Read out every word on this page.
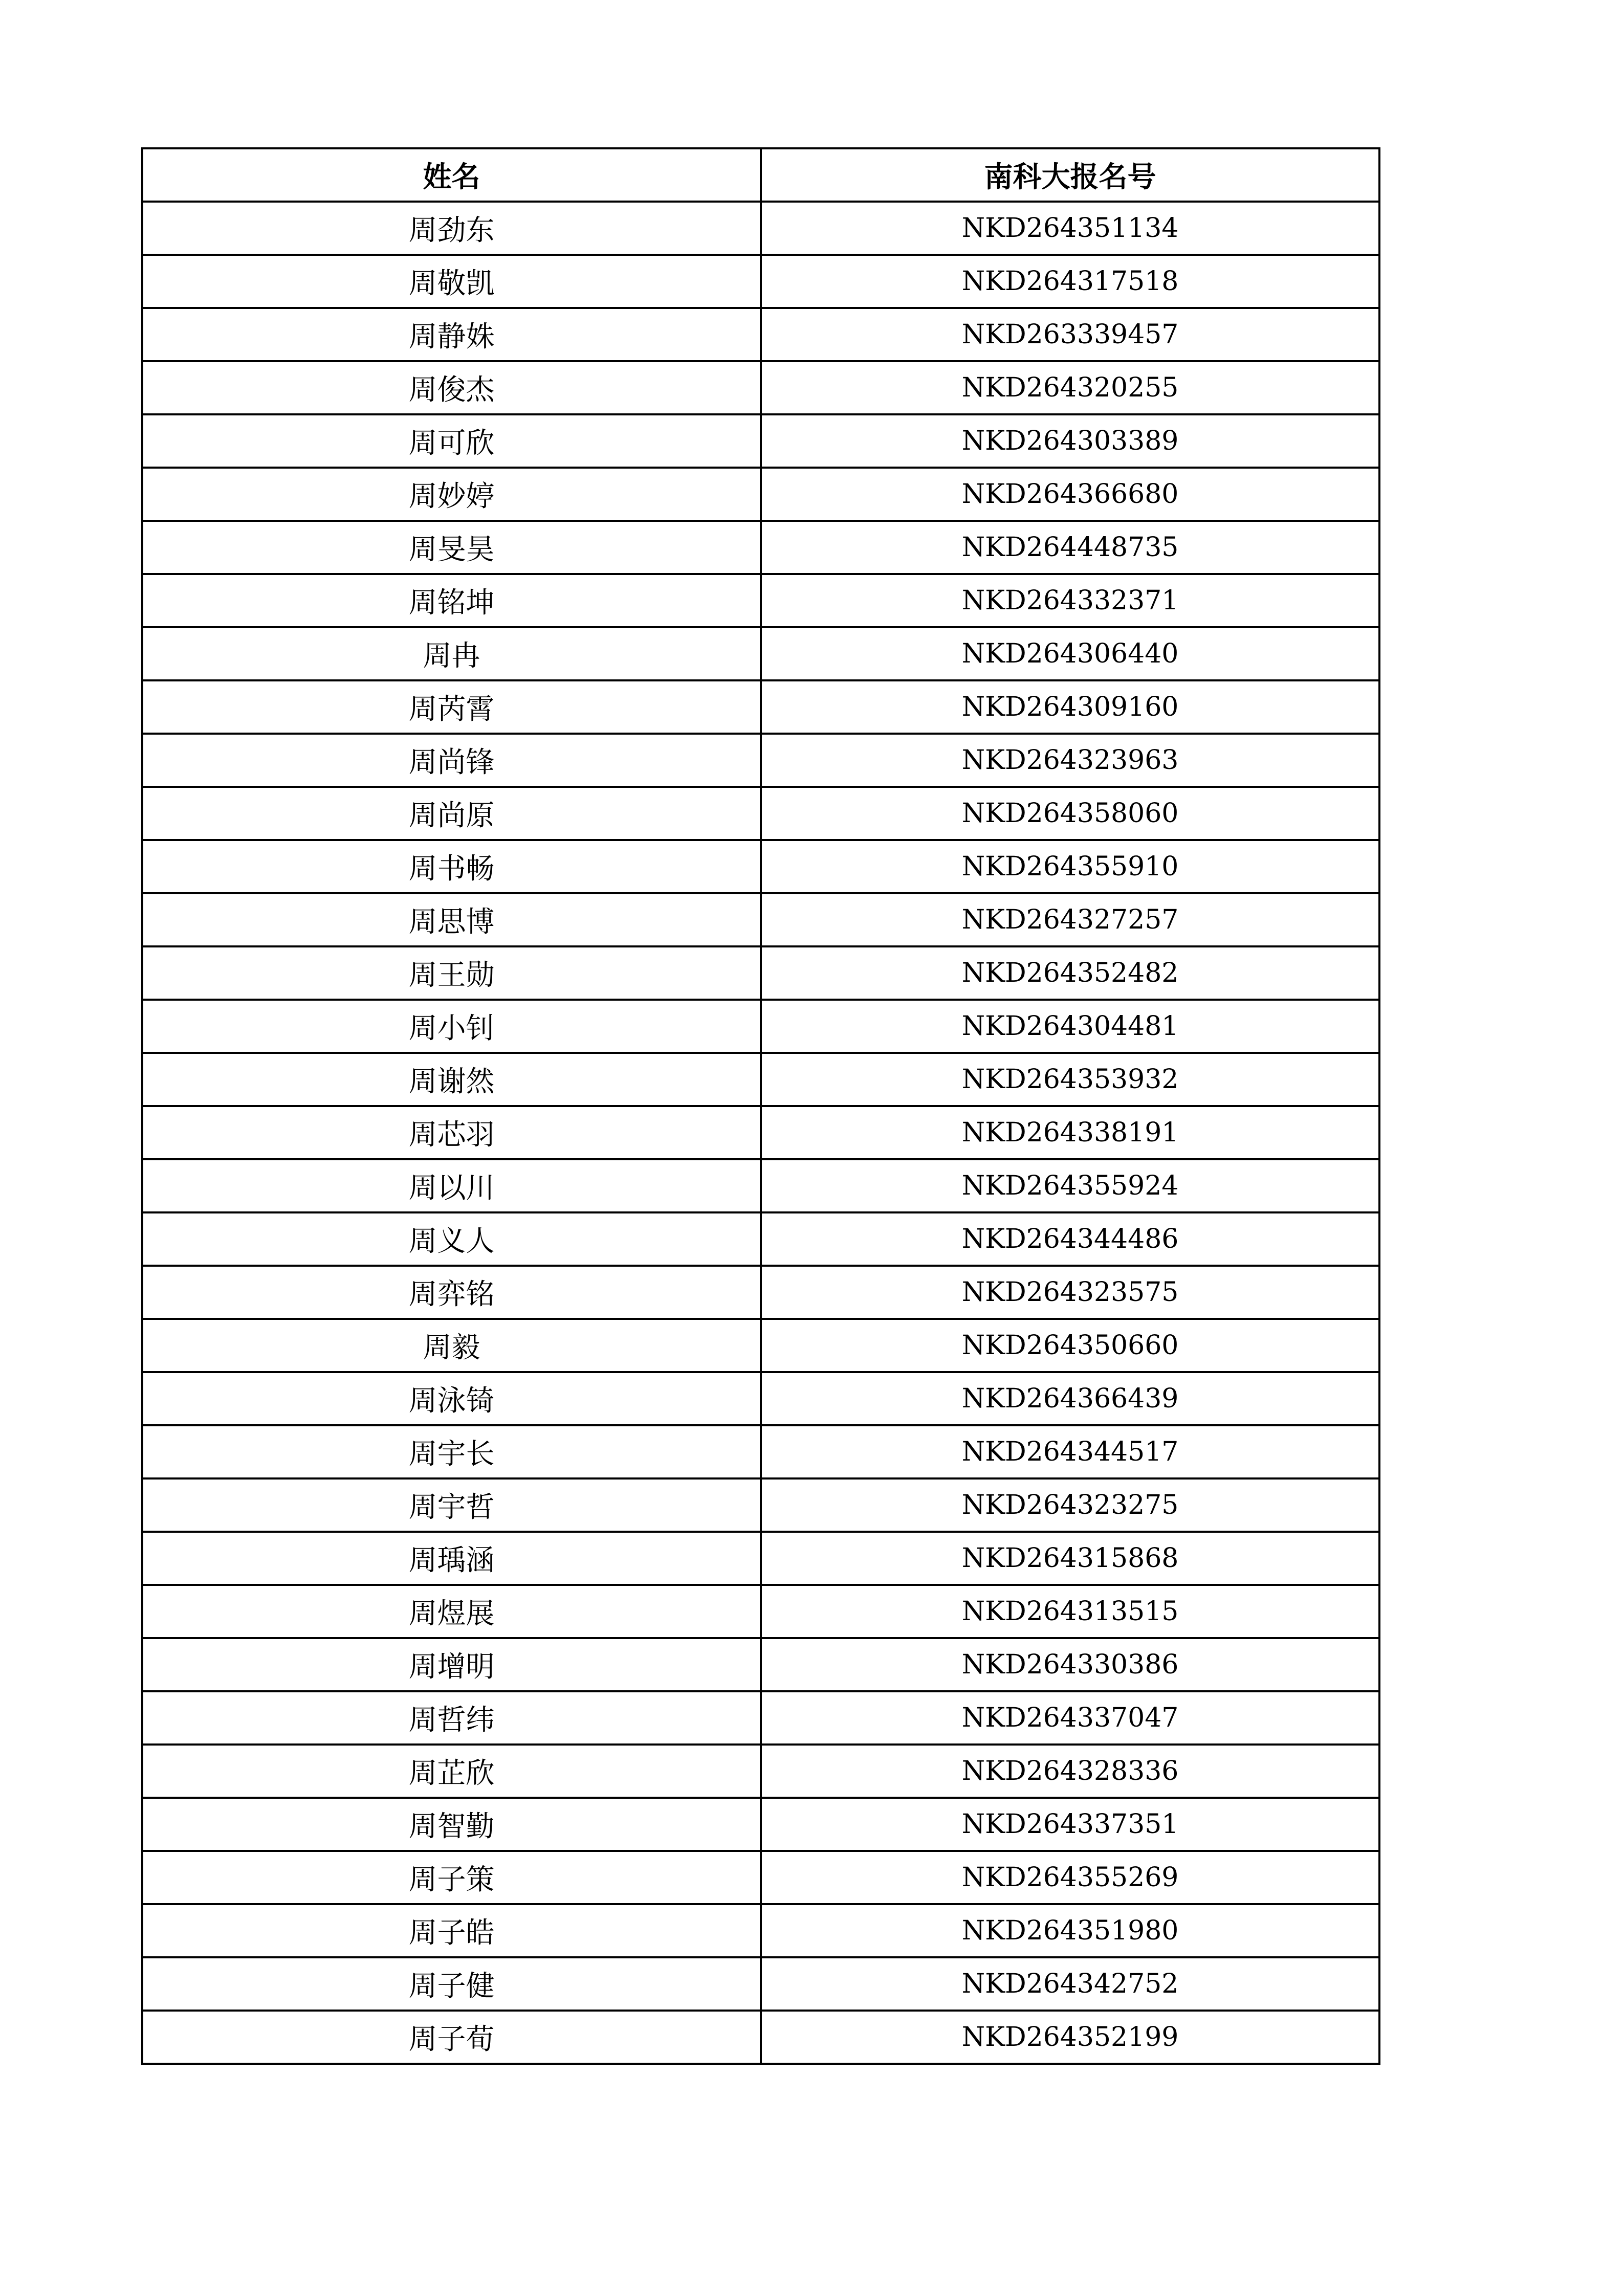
姓名	南科大报名号
周劲东	NKD264351134
周敬凯	NKD264317518
周静姝	NKD263339457
周俊杰	NKD264320255
周可欣	NKD264303389
周妙婷	NKD264366680
周旻昊	NKD264448735
周铭坤	NKD264332371
周冉	NKD264306440
周芮霄	NKD264309160
周尚锋	NKD264323963
周尚原	NKD264358060
周书畅	NKD264355910
周思博	NKD264327257
周王勋	NKD264352482
周小钊	NKD264304481
周谢然	NKD264353932
周芯羽	NKD264338191
周以川	NKD264355924
周义人	NKD264344486
周弈铭	NKD264323575
周毅	NKD264350660
周泳锜	NKD264366439
周宇长	NKD264344517
周宇哲	NKD264323275
周瑀涵	NKD264315868
周煜展	NKD264313515
周增明	NKD264330386
周哲纬	NKD264337047
周芷欣	NKD264328336
周智勤	NKD264337351
周子策	NKD264355269
周子皓	NKD264351980
周子健	NKD264342752
周子荀	NKD264352199
